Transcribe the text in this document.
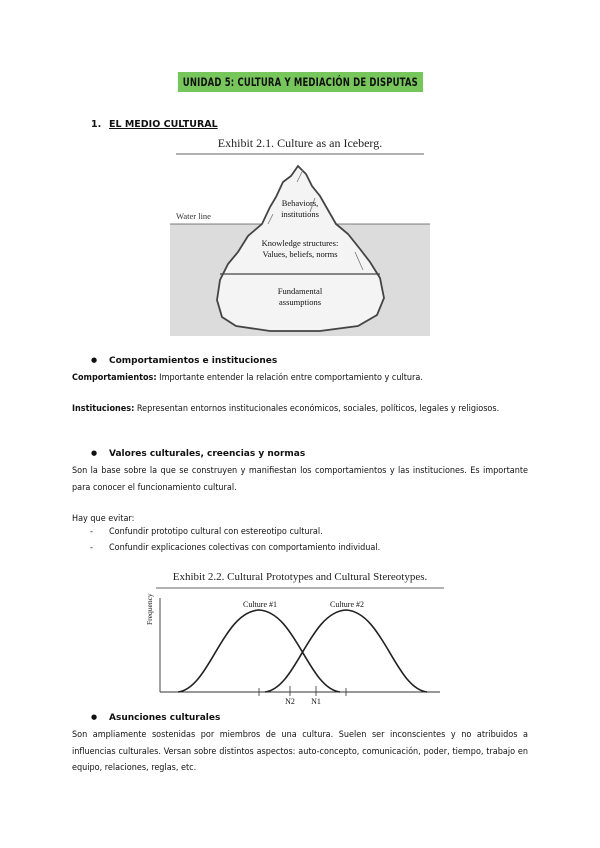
UNIDAD 5: CULTURA Y MEDIACIÓN DE DISPUTAS
1. EL MEDIO CULTURAL
Exhibit 2.1. Culture as an Iceberg.
Water line
Behaviors,
institutions
Knowledge structures:
Values, beliefs, norms
Fundamental
assumptions
● Comportamientos e instituciones
Comportamientos: Importante entender la relación entre comportamiento y cultura.
Instituciones: Representan entornos institucionales económicos, sociales, políticos, legales y religiosos.
● Valores culturales, creencias y normas
Son la base sobre la que se construyen y manifiestan los comportamientos y las instituciones. Es importante para conocer el funcionamiento cultural.
Hay que evitar:
- Confundir prototipo cultural con estereotipo cultural.
- Confundir explicaciones colectivas con comportamiento individual.
Exhibit 2.2. Cultural Prototypes and Cultural Stereotypes.
Frequency	Culture #1	Culture #2
N2	N1
● Asunciones culturales
Son ampliamente sostenidas por miembros de una cultura. Suelen ser inconscientes y no atribuidos a influencias culturales. Versan sobre distintos aspectos: auto-concepto, comunicación, poder, tiempo, trabajo en equipo, relaciones, reglas, etc.
